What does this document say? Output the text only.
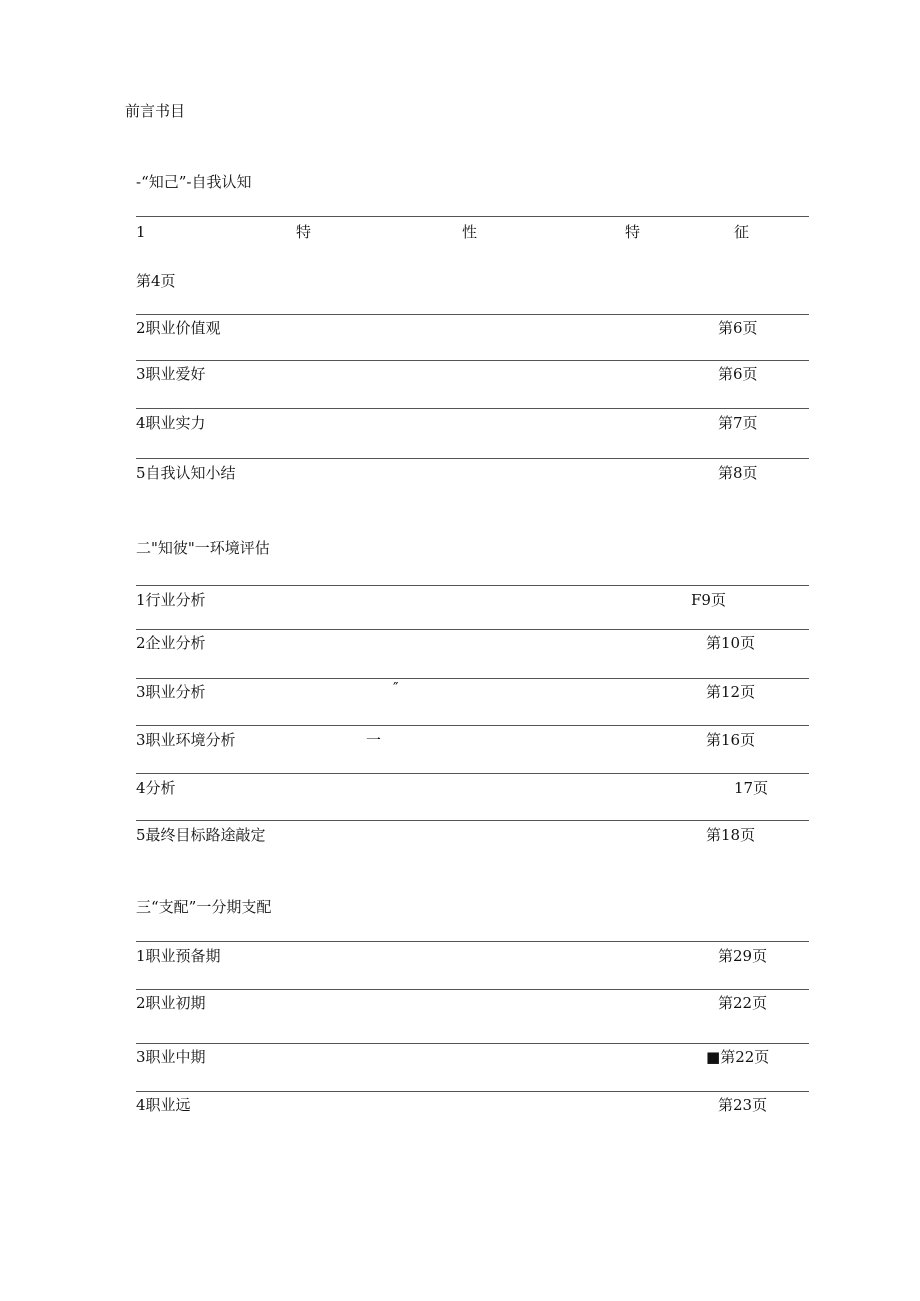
前言书目
-“知己”-自我认知
1	特	性	特	征
第4页
2职业价值观	第6页
3职业爱好	第6页
4职业实力	第7页
5自我认知小结	第8页
二"知彼"一环境评估
1行业分析	F9页
2企业分析	第10页
3职业分析	″	第12页
3职业环境分析	一	第16页
4分析	17页
5最终目标路途敲定	第18页
三“支配”一分期支配
1职业预备期	第29页
2职业初期	第22页
3职业中期	■第22页
4职业远	第23页
